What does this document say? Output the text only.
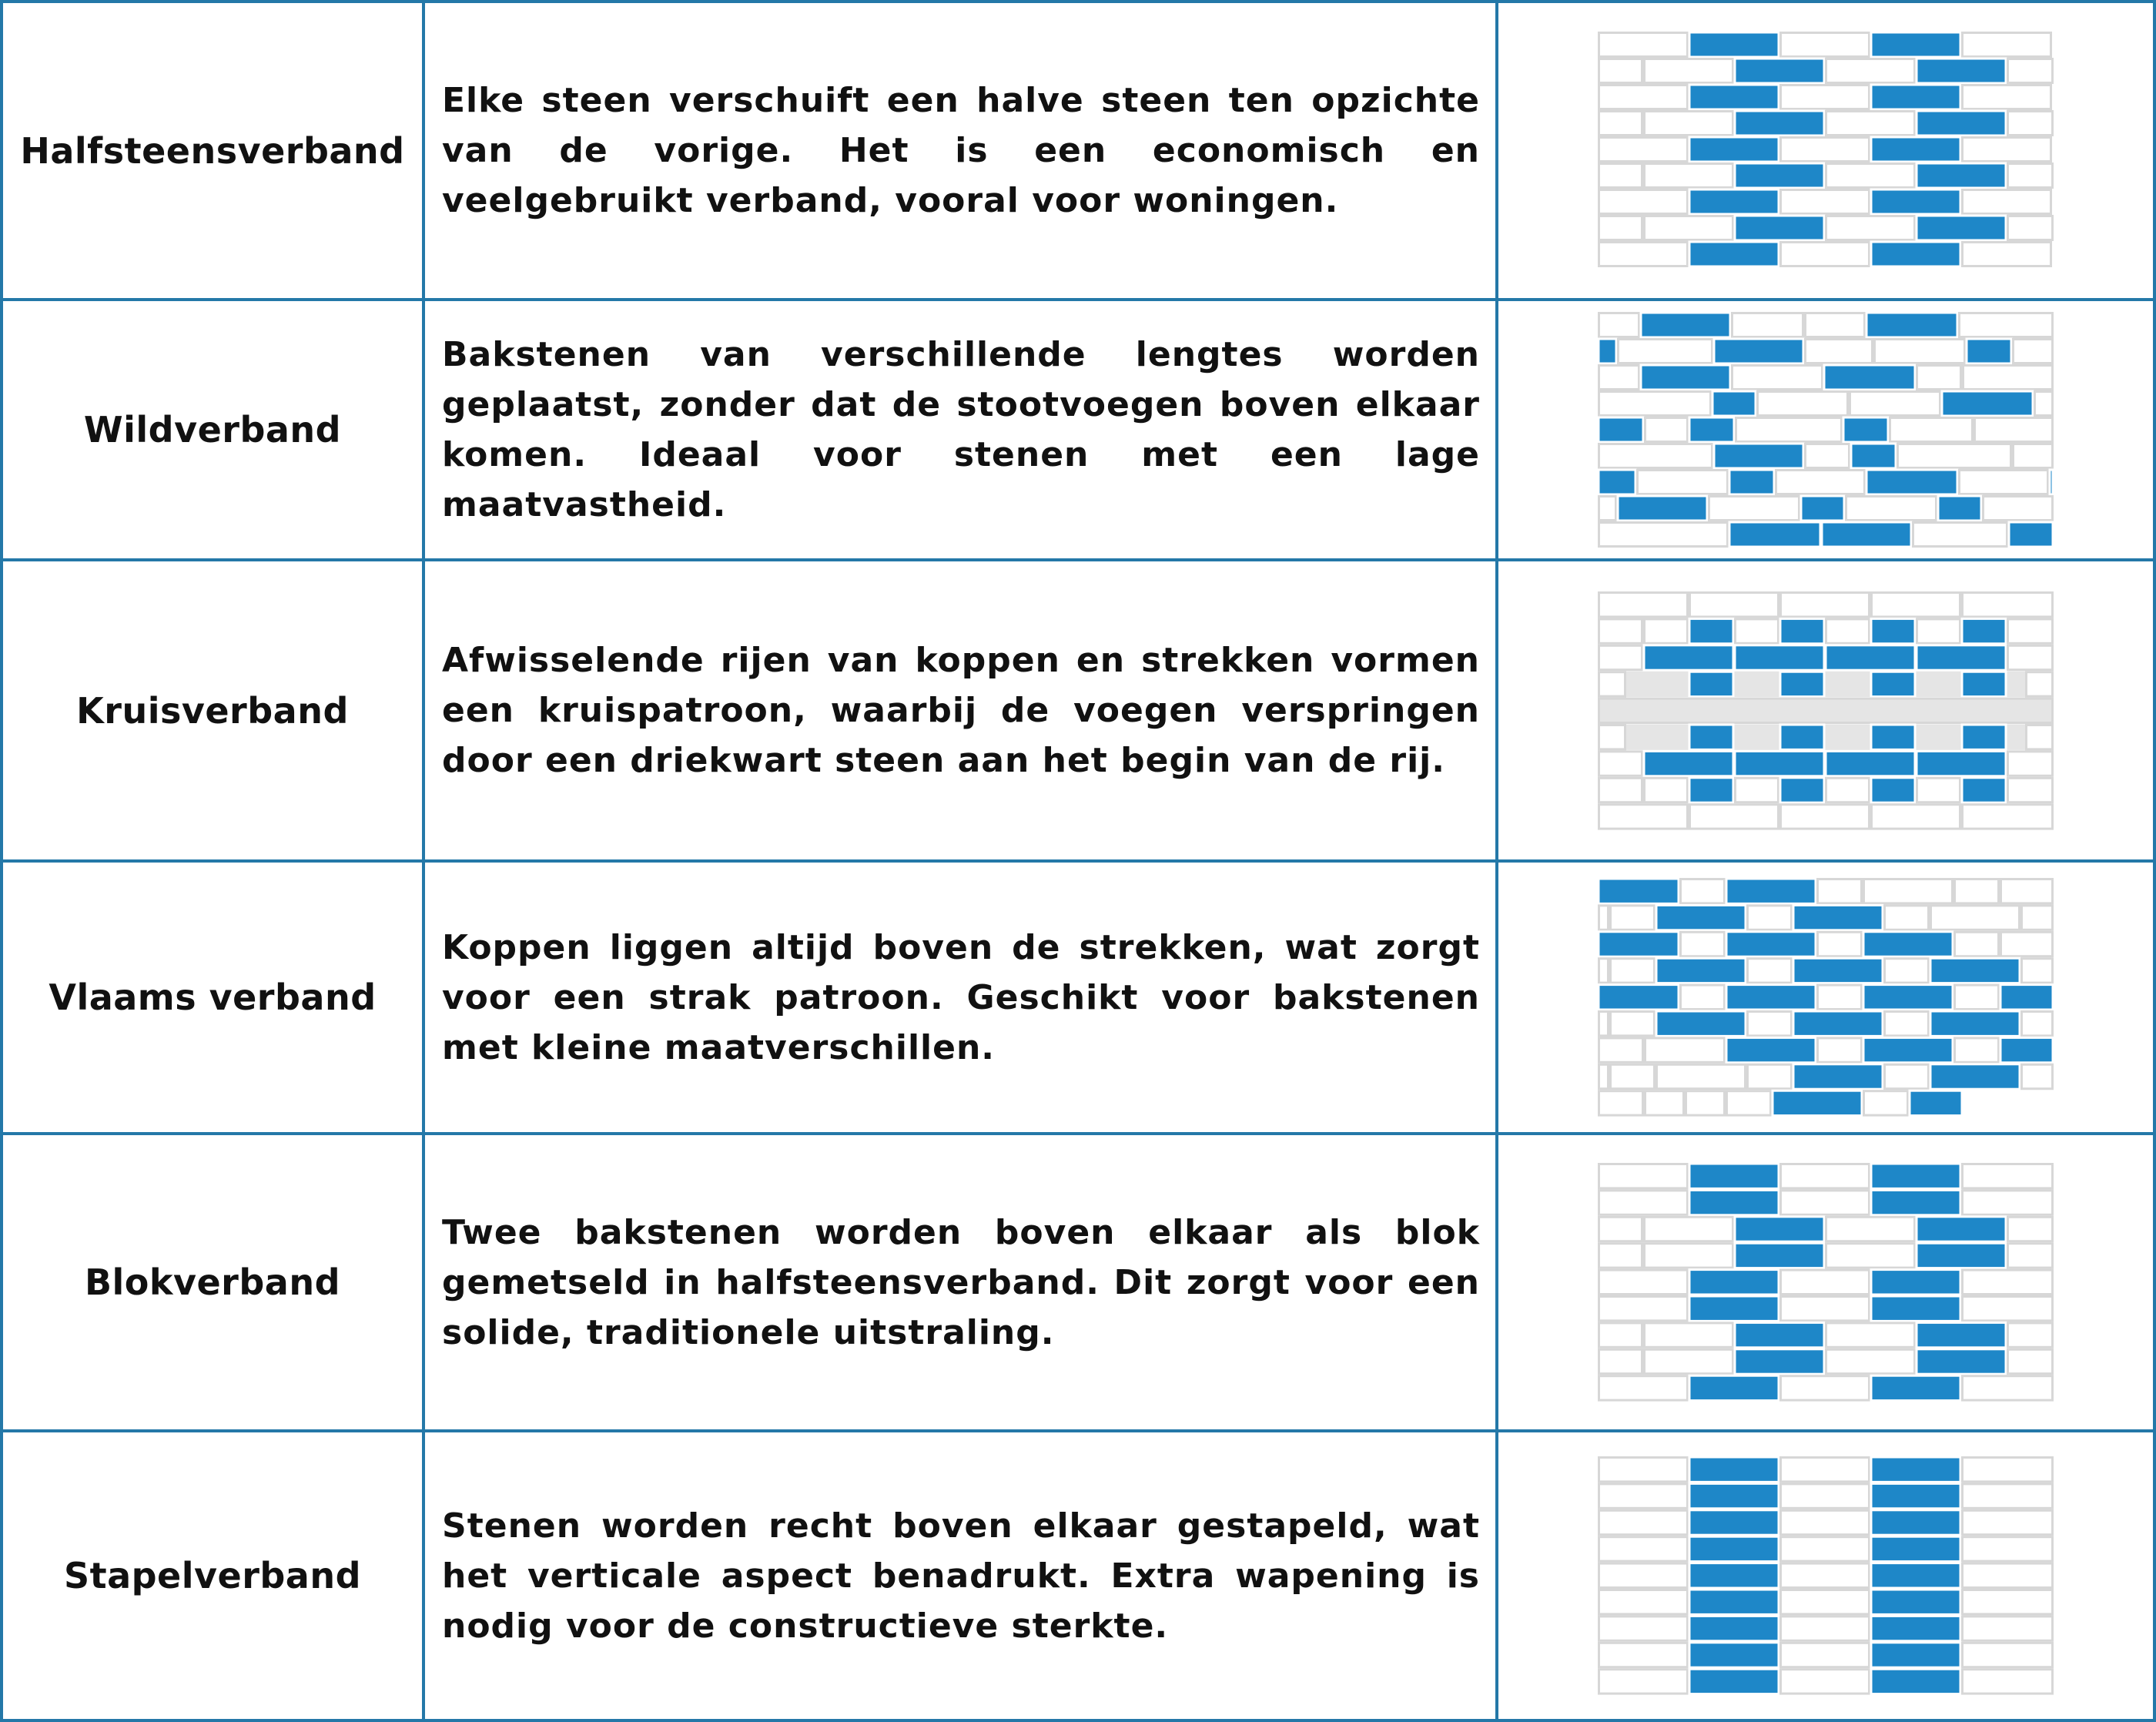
Halfsteensverband	Elke steen verschuift een halve steen ten opzichte van de vorige. Het is een economisch en veelgebruikt verband, vooral voor woningen.

Wildverband	Bakstenen van verschillende lengtes worden geplaatst, zonder dat de stootvoegen boven elkaar komen. Ideaal voor stenen met een lage maatvastheid.

Kruisverband	Afwisselende rijen van koppen en strekken vormen een kruispatroon, waarbij de voegen verspringen door een driekwart steen aan het begin van de rij.

Vlaams verband	Koppen liggen altijd boven de strekken, wat zorgt voor een strak patroon. Geschikt voor bakstenen met kleine maatverschillen.

Blokverband	Twee bakstenen worden boven elkaar als blok gemetseld in halfsteensverband. Dit zorgt voor een solide, traditionele uitstraling.

Stapelverband	Stenen worden recht boven elkaar gestapeld, wat het verticale aspect benadrukt. Extra wapening is nodig voor de constructieve sterkte.
